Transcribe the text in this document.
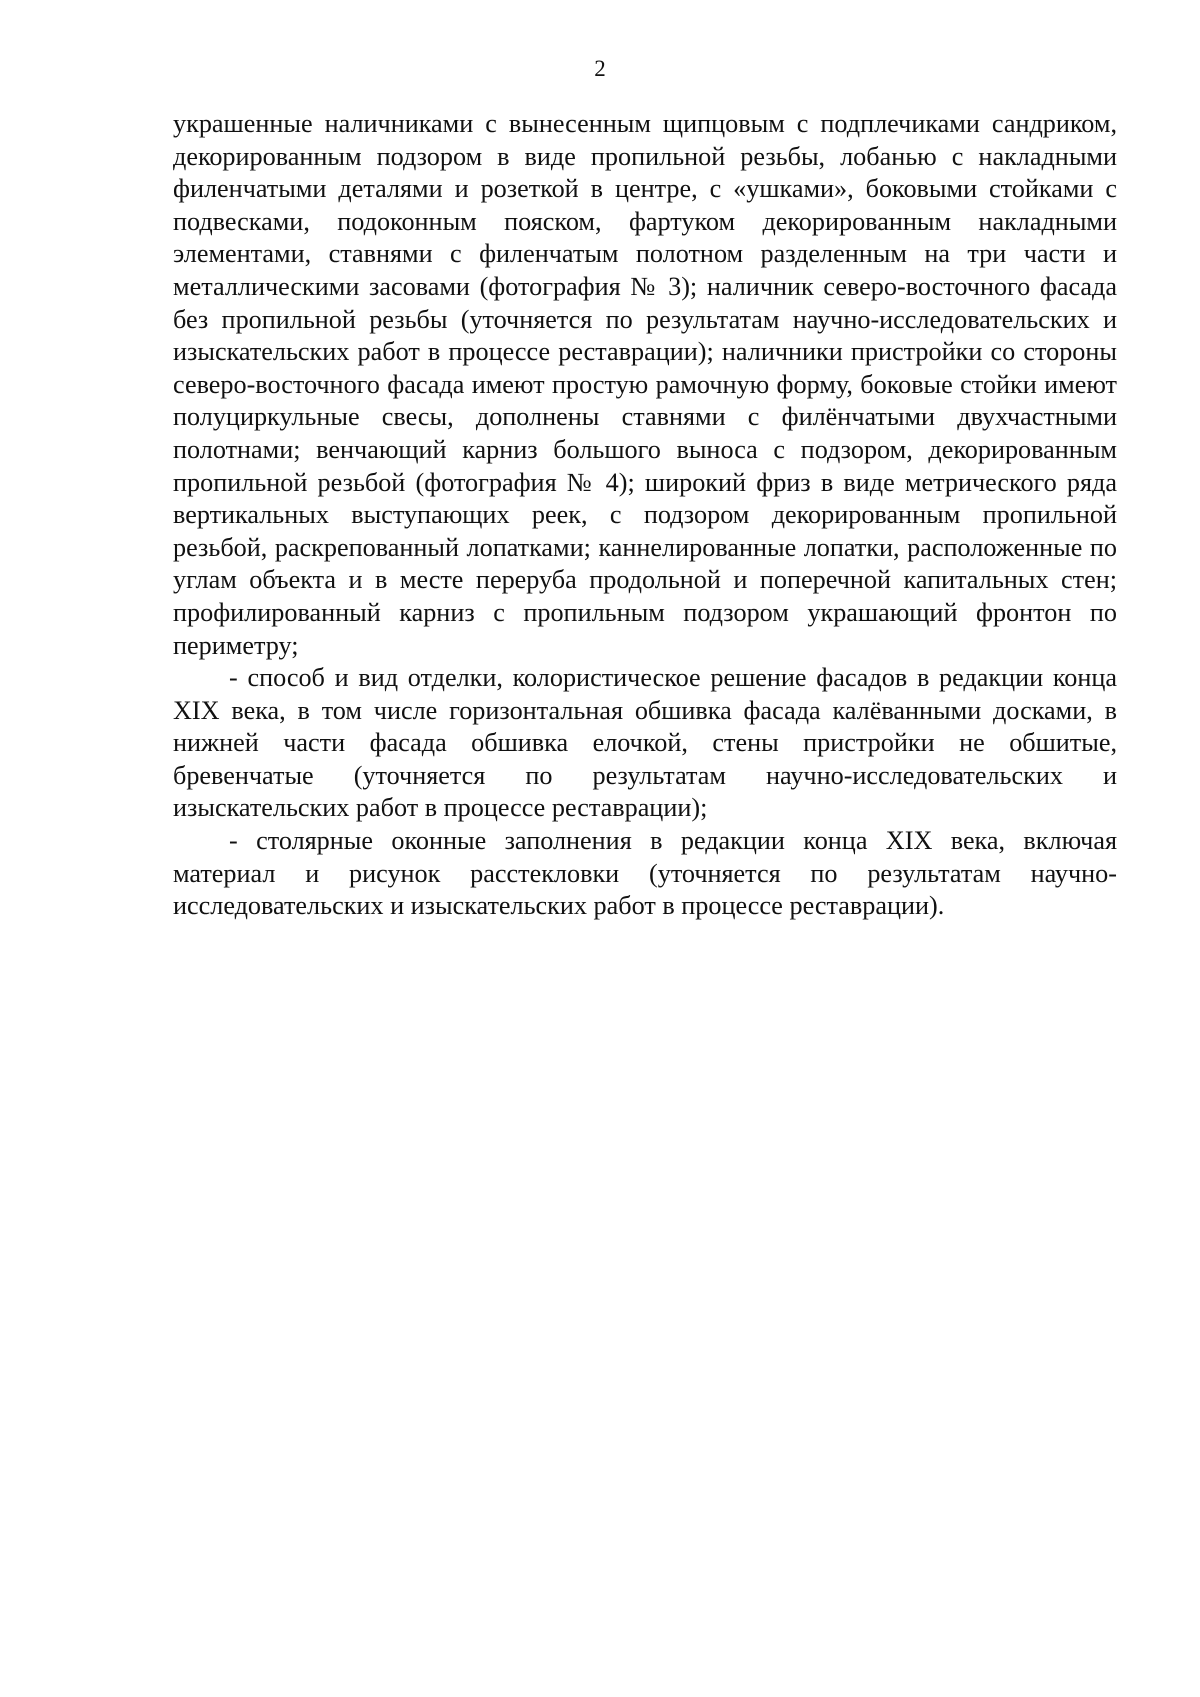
2

украшенные наличниками с вынесенным щипцовым с подплечиками сандриком, декорированным подзором в виде пропильной резьбы, лобанью с накладными филенчатыми деталями и розеткой в центре, с «ушками», боковыми стойками с подвесками, подоконным пояском, фартуком декорированным накладными элементами, ставнями с филенчатым полотном разделенным на три части и металлическими засовами (фотография № 3); наличник северо-восточного фасада без пропильной резьбы (уточняется по результатам научно-исследовательских и изыскательских работ в процессе реставрации); наличники пристройки со стороны северо-восточного фасада имеют простую рамочную форму, боковые стойки имеют полуциркульные свесы, дополнены ставнями с филёнчатыми двухчастными полотнами; венчающий карниз большого выноса с подзором, декорированным пропильной резьбой (фотография № 4); широкий фриз в виде метрического ряда вертикальных выступающих реек, с подзором декорированным пропильной резьбой, раскрепованный лопатками; каннелированные лопатки, расположенные по углам объекта и в месте переруба продольной и поперечной капитальных стен; профилированный карниз с пропильным подзором украшающий фронтон по периметру;

- способ и вид отделки, колористическое решение фасадов в редакции конца XIX века, в том числе горизонтальная обшивка фасада калёванными досками, в нижней части фасада обшивка елочкой, стены пристройки не обшитые, бревенчатые (уточняется по результатам научно-исследовательских и изыскательских работ в процессе реставрации);

- столярные оконные заполнения в редакции конца XIX века, включая материал и рисунок расстекловки (уточняется по результатам научно-исследовательских и изыскательских работ в процессе реставрации).
